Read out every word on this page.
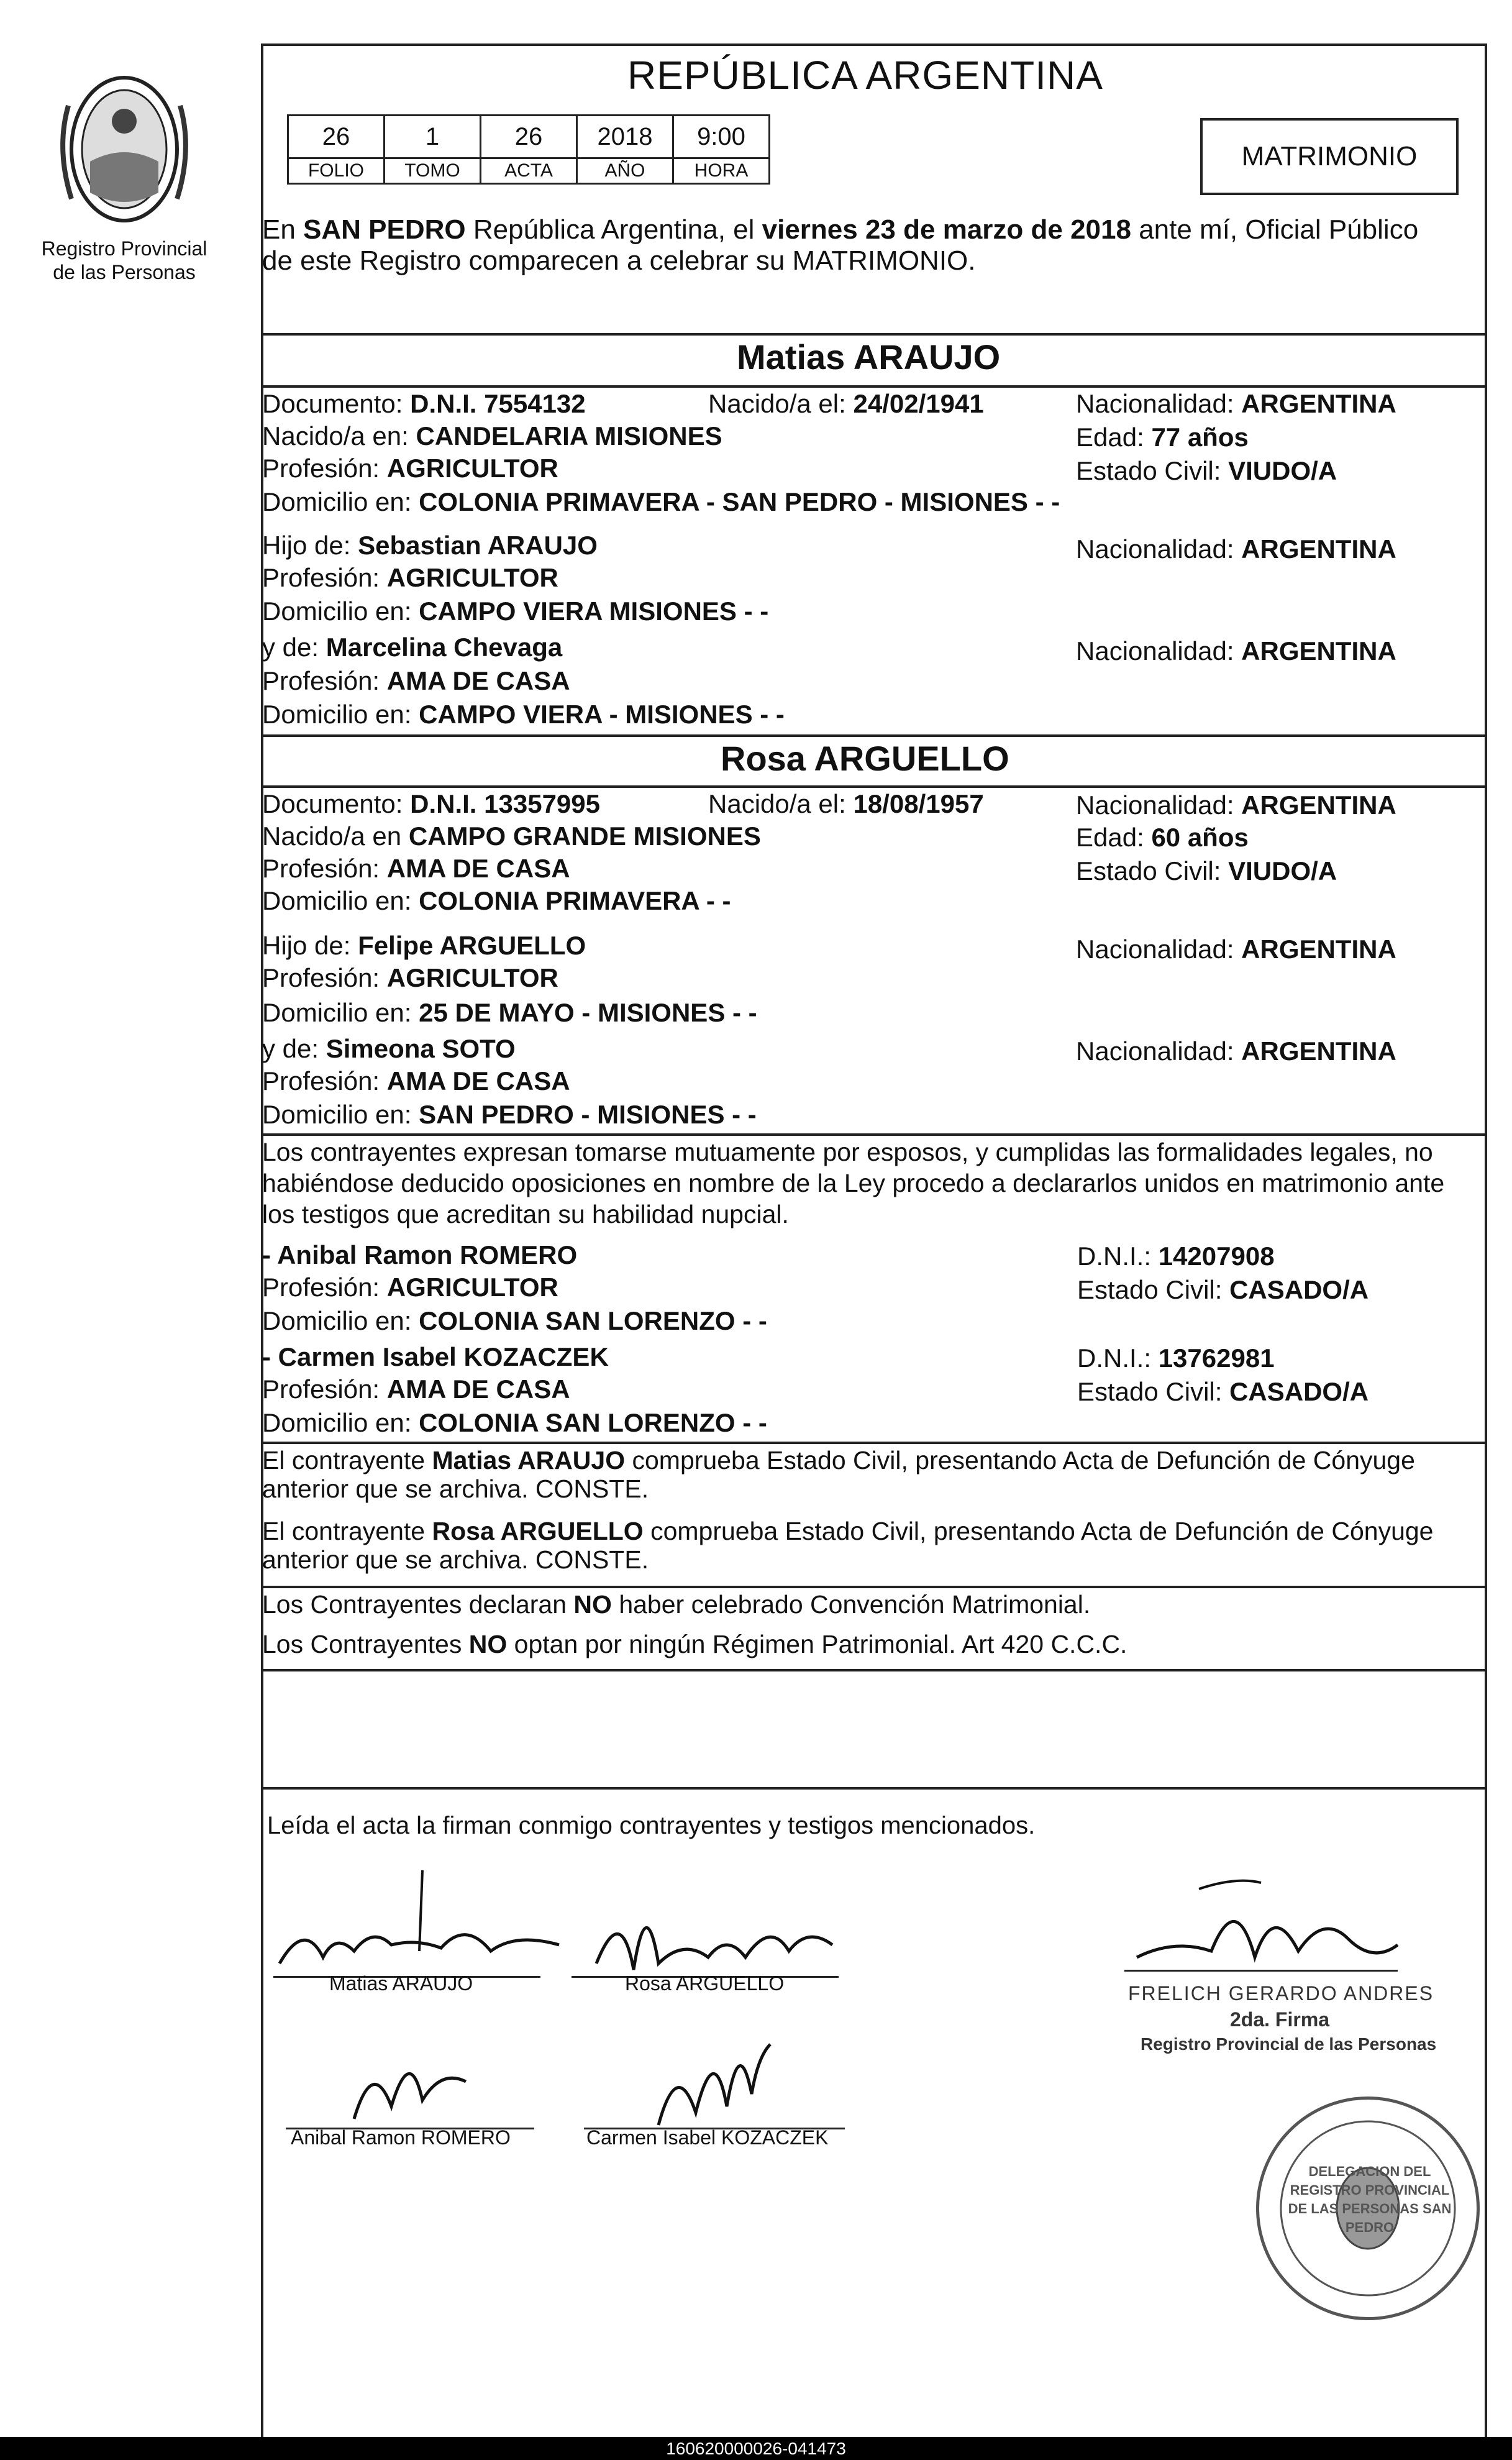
Registro Provincial
de las Personas
REPÚBLICA ARGENTINA
26	1	26	2018	9:00
FOLIO	TOMO	ACTA	AÑO	HORA	MATRIMONIO
En SAN PEDRO República Argentina, el viernes 23 de marzo de 2018 ante mí, Oficial Público
de este Registro comparecen a celebrar su MATRIMONIO.
Matias ARAUJO
Documento: D.N.I. 7554132	Nacido/a el: 24/02/1941	Nacionalidad: ARGENTINA
Nacido/a en: CANDELARIA MISIONES	Edad: 77 años
Profesión: AGRICULTOR	Estado Civil: VIUDO/A
Domicilio en: COLONIA PRIMAVERA - SAN PEDRO - MISIONES - -
Hijo de: Sebastian ARAUJO	Nacionalidad: ARGENTINA
Profesión: AGRICULTOR
Domicilio en: CAMPO VIERA MISIONES - -
y de: Marcelina Chevaga	Nacionalidad: ARGENTINA
Profesión: AMA DE CASA
Domicilio en: CAMPO VIERA - MISIONES - -
Rosa ARGUELLO
Documento: D.N.I. 13357995	Nacido/a el: 18/08/1957	Nacionalidad: ARGENTINA
Nacido/a en CAMPO GRANDE MISIONES	Edad: 60 años
Profesión: AMA DE CASA	Estado Civil: VIUDO/A
Domicilio en: COLONIA PRIMAVERA - -
Hijo de: Felipe ARGUELLO	Nacionalidad: ARGENTINA
Profesión: AGRICULTOR
Domicilio en: 25 DE MAYO - MISIONES - -
y de: Simeona SOTO	Nacionalidad: ARGENTINA
Profesión: AMA DE CASA
Domicilio en: SAN PEDRO - MISIONES - -
Los contrayentes expresan tomarse mutuamente por esposos, y cumplidas las formalidades legales, no
habiéndose deducido oposiciones en nombre de la Ley procedo a declararlos unidos en matrimonio ante
los testigos que acreditan su habilidad nupcial.
- Anibal Ramon ROMERO	D.N.I.: 14207908
Profesión: AGRICULTOR	Estado Civil: CASADO/A
Domicilio en: COLONIA SAN LORENZO - -
- Carmen Isabel KOZACZEK	D.N.I.: 13762981
Profesión: AMA DE CASA	Estado Civil: CASADO/A
Domicilio en: COLONIA SAN LORENZO - -
El contrayente Matias ARAUJO comprueba Estado Civil, presentando Acta de Defunción de Cónyuge
anterior que se archiva. CONSTE.
El contrayente Rosa ARGUELLO comprueba Estado Civil, presentando Acta de Defunción de Cónyuge
anterior que se archiva. CONSTE.
Los Contrayentes declaran NO haber celebrado Convención Matrimonial.
Los Contrayentes NO optan por ningún Régimen Patrimonial. Art 420 C.C.C.
Leída el acta la firman conmigo contrayentes y testigos mencionados.
Matias ARAUJO	Rosa ARGUELLO
Anibal Ramon ROMERO	Carmen Isabel KOZACZEK
FRELICH GERARDO ANDRES
2da. Firma
Registro Provincial de las Personas
DELEGACION DEL REGISTRO PROVINCIAL DE LAS PERSONAS SAN PEDRO
160620000026-041473
